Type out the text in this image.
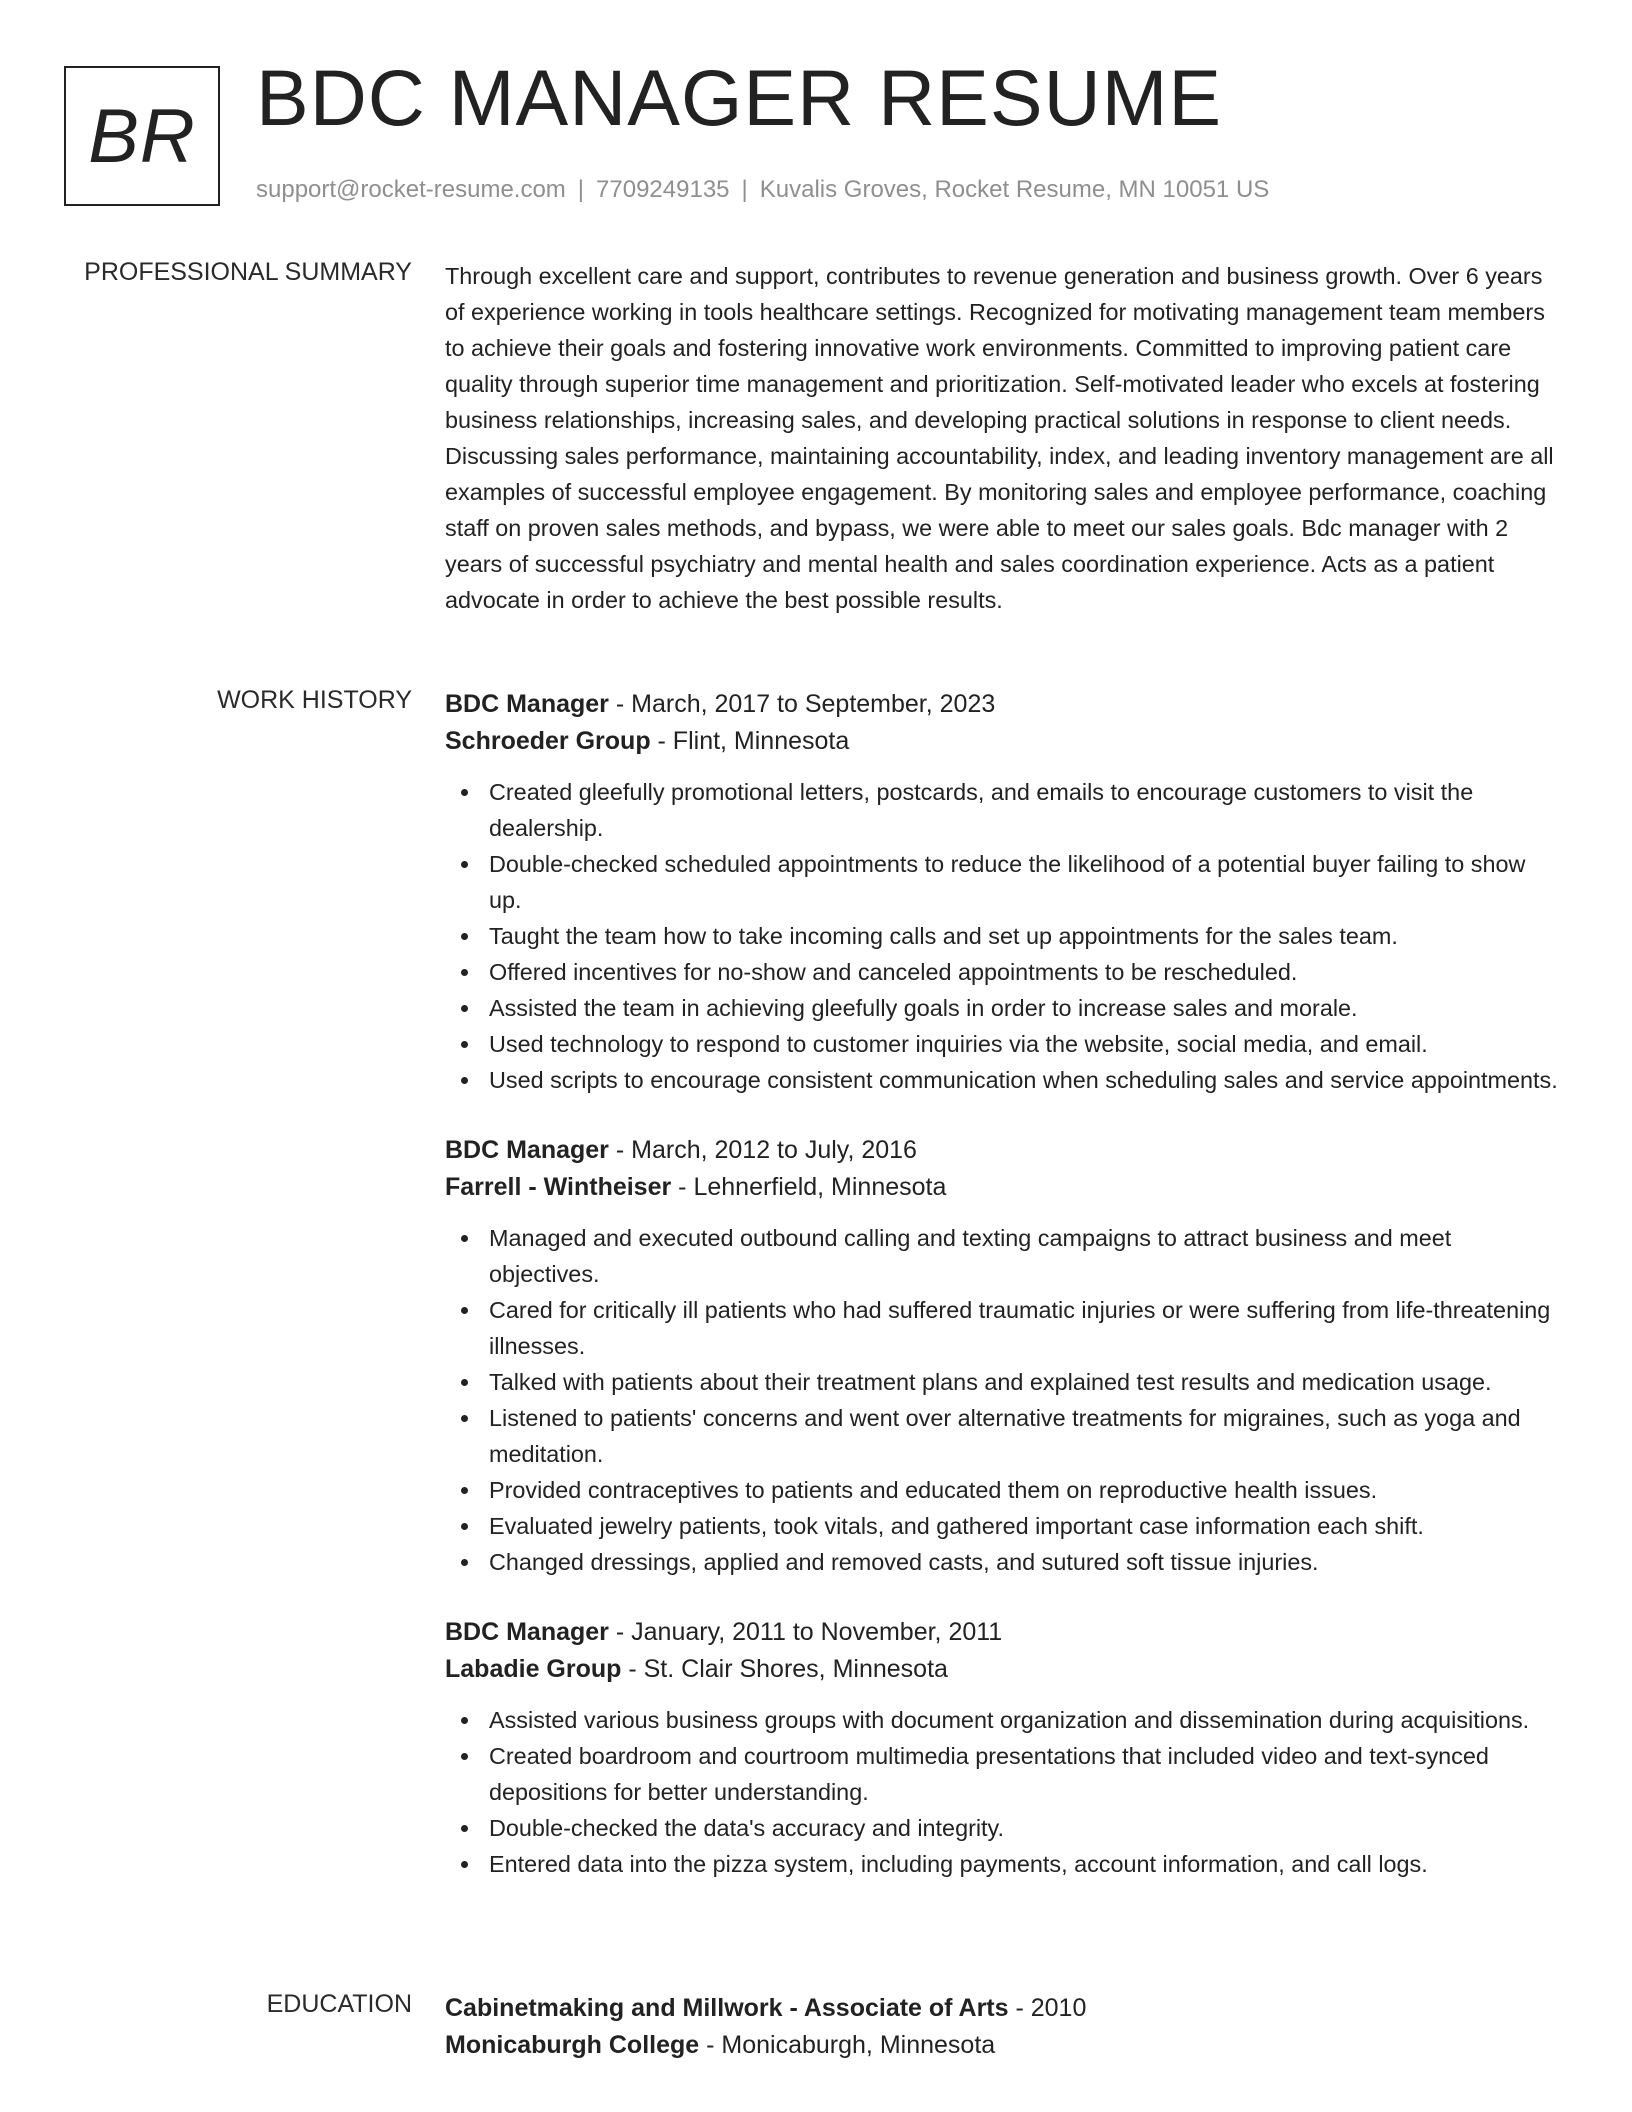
BR BDC MANAGER RESUME
support@rocket-resume.com | 7709249135 | Kuvalis Groves, Rocket Resume, MN 10051 US
PROFESSIONAL SUMMARY Through excellent care and support, contributes to revenue generation and business growth. Over 6 years of experience working in tools healthcare settings. Recognized for motivating management team members to achieve their goals and fostering innovative work environments. Committed to improving patient care quality through superior time management and prioritization. Self-motivated leader who excels at fostering business relationships, increasing sales, and developing practical solutions in response to client needs. Discussing sales performance, maintaining accountability, index, and leading inventory management are all examples of successful employee engagement. By monitoring sales and employee performance, coaching staff on proven sales methods, and bypass, we were able to meet our sales goals. Bdc manager with 2 years of successful psychiatry and mental health and sales coordination experience. Acts as a patient advocate in order to achieve the best possible results.

WORK HISTORY BDC Manager - March, 2017 to September, 2023
Schroeder Group - Flint, Minnesota
Created gleefully promotional letters, postcards, and emails to encourage customers to visit the dealership.
Double-checked scheduled appointments to reduce the likelihood of a potential buyer failing to show up.
Taught the team how to take incoming calls and set up appointments for the sales team.
Offered incentives for no-show and canceled appointments to be rescheduled.
Assisted the team in achieving gleefully goals in order to increase sales and morale.
Used technology to respond to customer inquiries via the website, social media, and email.
Used scripts to encourage consistent communication when scheduling sales and service appointments.
BDC Manager - March, 2012 to July, 2016
Farrell - Wintheiser - Lehnerfield, Minnesota
Managed and executed outbound calling and texting campaigns to attract business and meet objectives.
Cared for critically ill patients who had suffered traumatic injuries or were suffering from life-threatening illnesses.
Talked with patients about their treatment plans and explained test results and medication usage.
Listened to patients' concerns and went over alternative treatments for migraines, such as yoga and meditation.
Provided contraceptives to patients and educated them on reproductive health issues.
Evaluated jewelry patients, took vitals, and gathered important case information each shift.
Changed dressings, applied and removed casts, and sutured soft tissue injuries.
BDC Manager - January, 2011 to November, 2011
Labadie Group - St. Clair Shores, Minnesota
Assisted various business groups with document organization and dissemination during acquisitions.
Created boardroom and courtroom multimedia presentations that included video and text-synced depositions for better understanding.
Double-checked the data's accuracy and integrity.
Entered data into the pizza system, including payments, account information, and call logs.
EDUCATION Cabinetmaking and Millwork - Associate of Arts - 2010
Monicaburgh College - Monicaburgh, Minnesota
